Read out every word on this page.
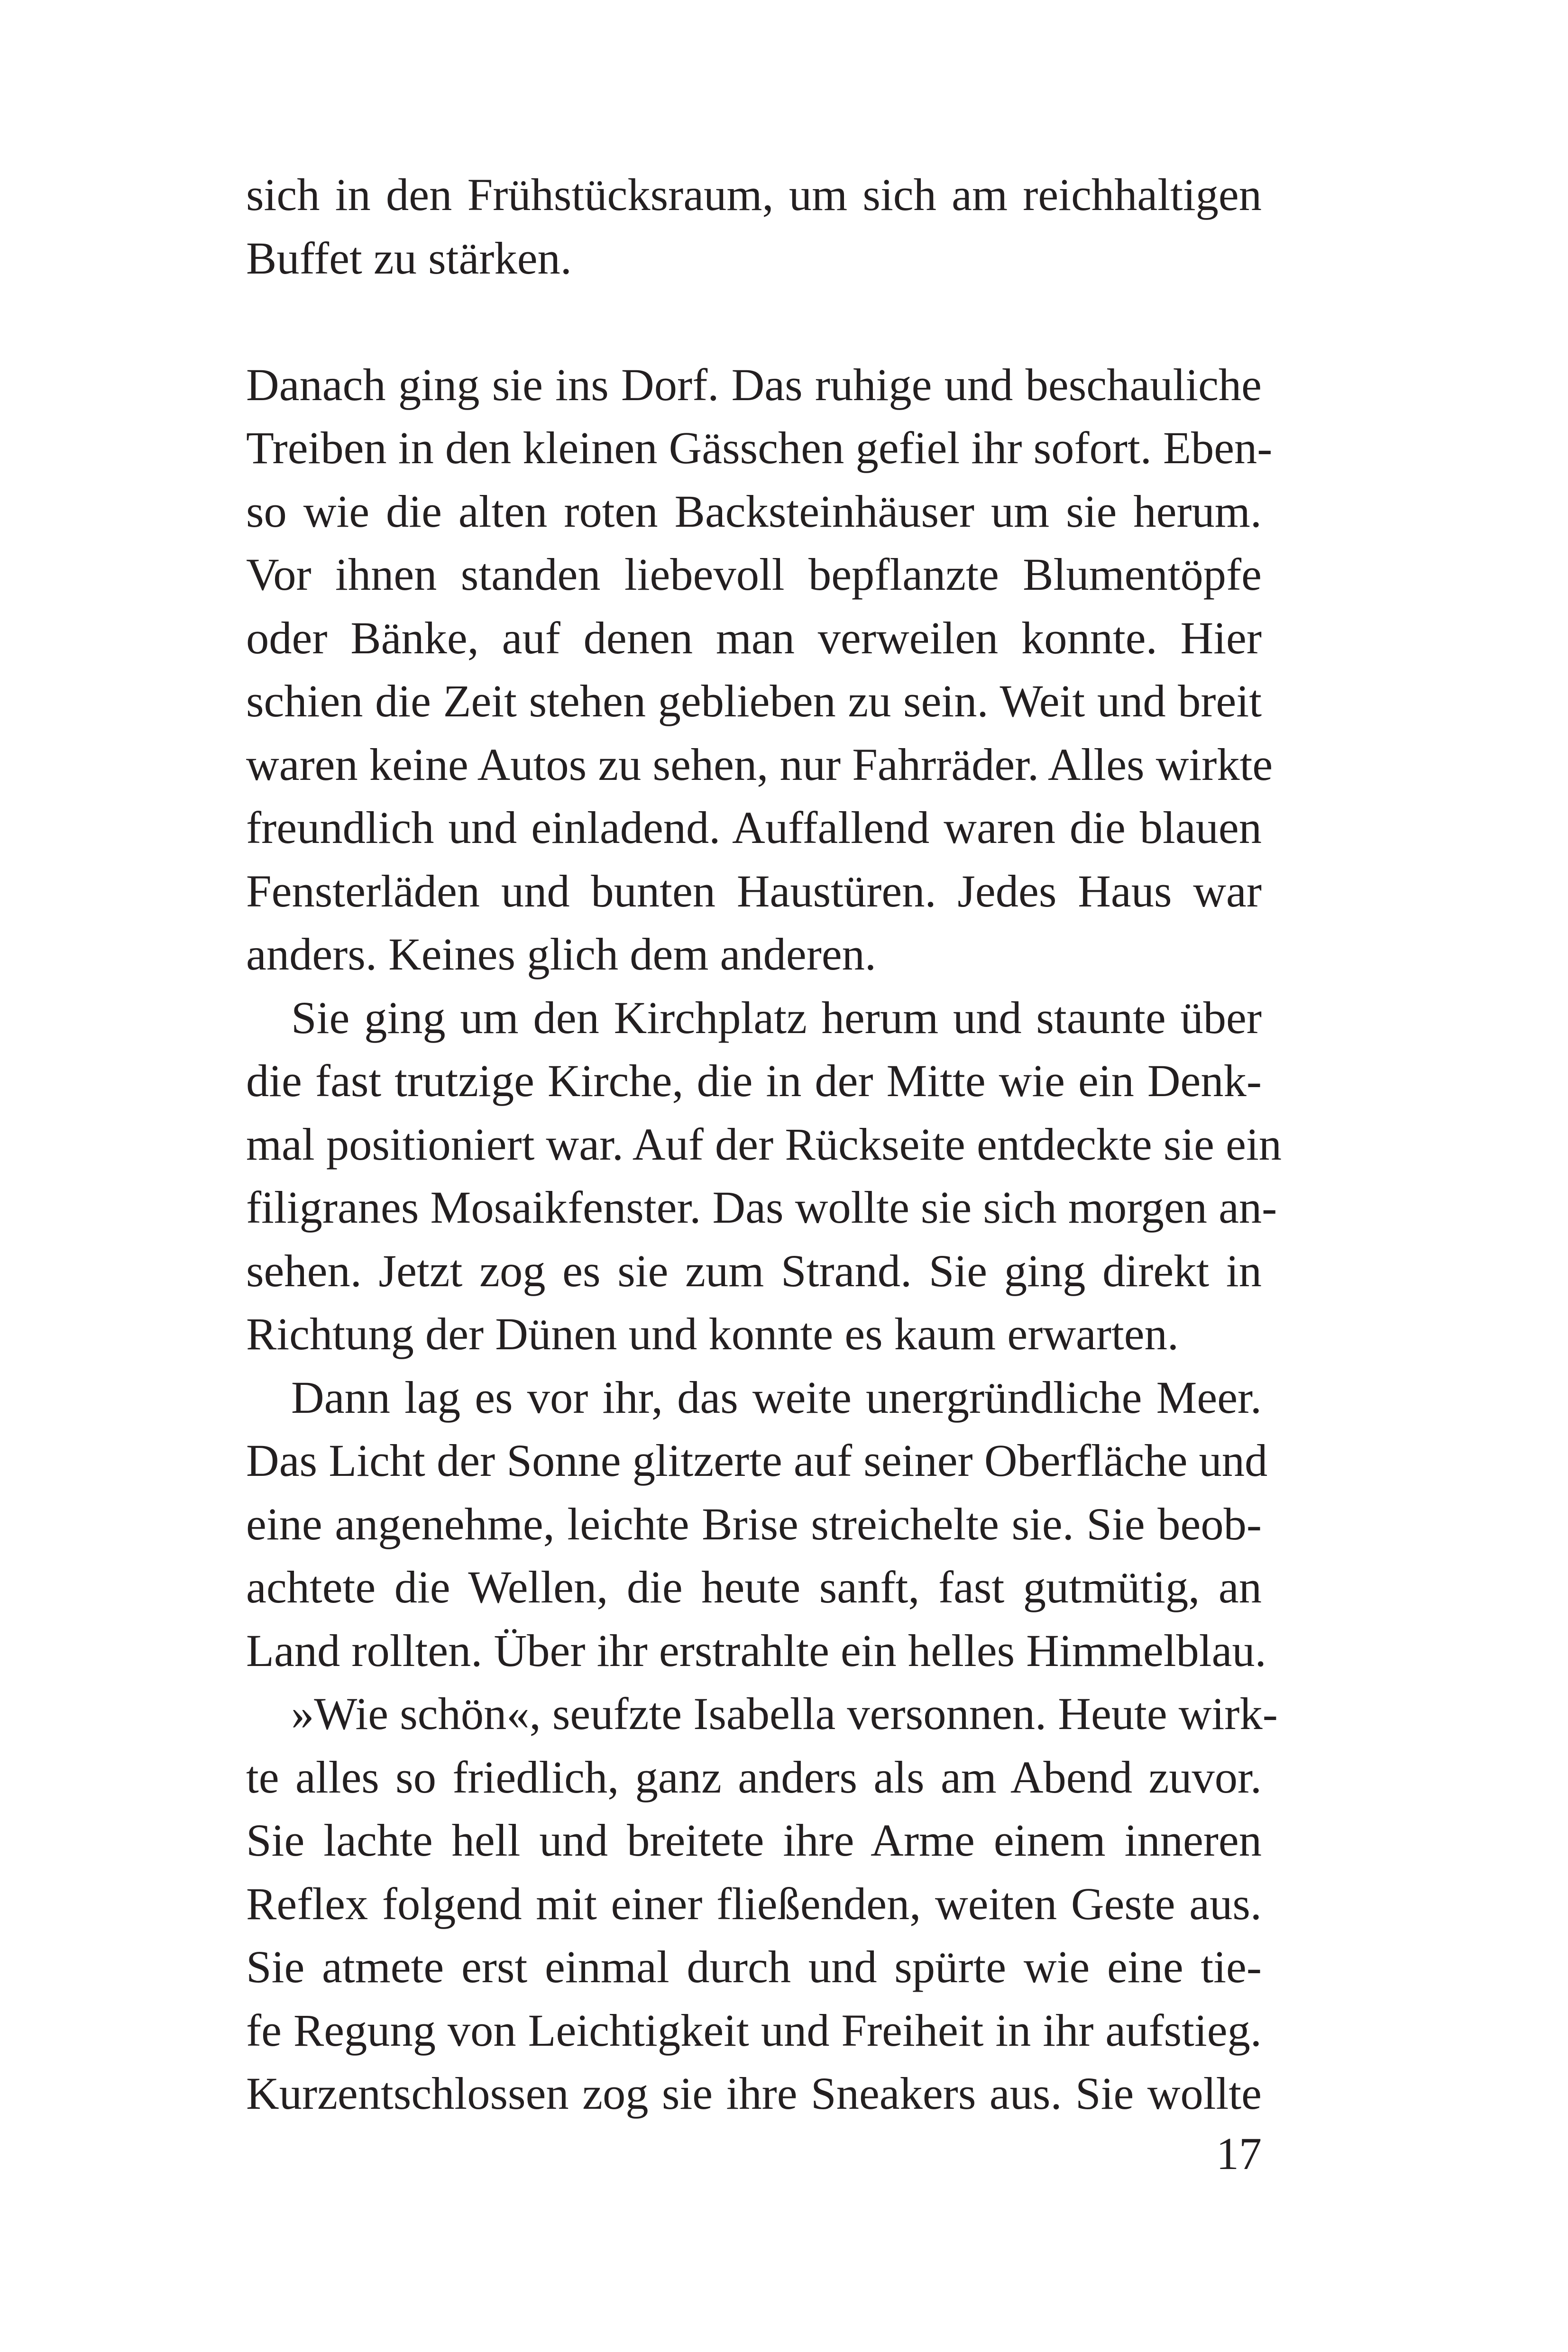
sich in den Frühstücksraum, um sich am reichhaltigen
Buffet zu stärken.
Danach ging sie ins Dorf. Das ruhige und beschauliche
Treiben in den kleinen Gässchen gefiel ihr sofort. Eben-
so wie die alten roten Backsteinhäuser um sie herum.
Vor ihnen standen liebevoll bepflanzte Blumentöpfe
oder Bänke, auf denen man verweilen konnte. Hier
schien die Zeit stehen geblieben zu sein. Weit und breit
waren keine Autos zu sehen, nur Fahrräder. Alles wirkte
freundlich und einladend. Auffallend waren die blauen
Fensterläden und bunten Haustüren. Jedes Haus war
anders. Keines glich dem anderen.
Sie ging um den Kirchplatz herum und staunte über
die fast trutzige Kirche, die in der Mitte wie ein Denk-
mal positioniert war. Auf der Rückseite entdeckte sie ein
filigranes Mosaikfenster. Das wollte sie sich morgen an-
sehen. Jetzt zog es sie zum Strand. Sie ging direkt in
Richtung der Dünen und konnte es kaum erwarten.
Dann lag es vor ihr, das weite unergründliche Meer.
Das Licht der Sonne glitzerte auf seiner Oberfläche und
eine angenehme, leichte Brise streichelte sie. Sie beob-
achtete die Wellen, die heute sanft, fast gutmütig, an
Land rollten. Über ihr erstrahlte ein helles Himmelblau.
»Wie schön«, seufzte Isabella versonnen. Heute wirk-
te alles so friedlich, ganz anders als am Abend zuvor.
Sie lachte hell und breitete ihre Arme einem inneren
Reflex folgend mit einer fließenden, weiten Geste aus.
Sie atmete erst einmal durch und spürte wie eine tie-
fe Regung von Leichtigkeit und Freiheit in ihr aufstieg.
Kurzentschlossen zog sie ihre Sneakers aus. Sie wollte
17
